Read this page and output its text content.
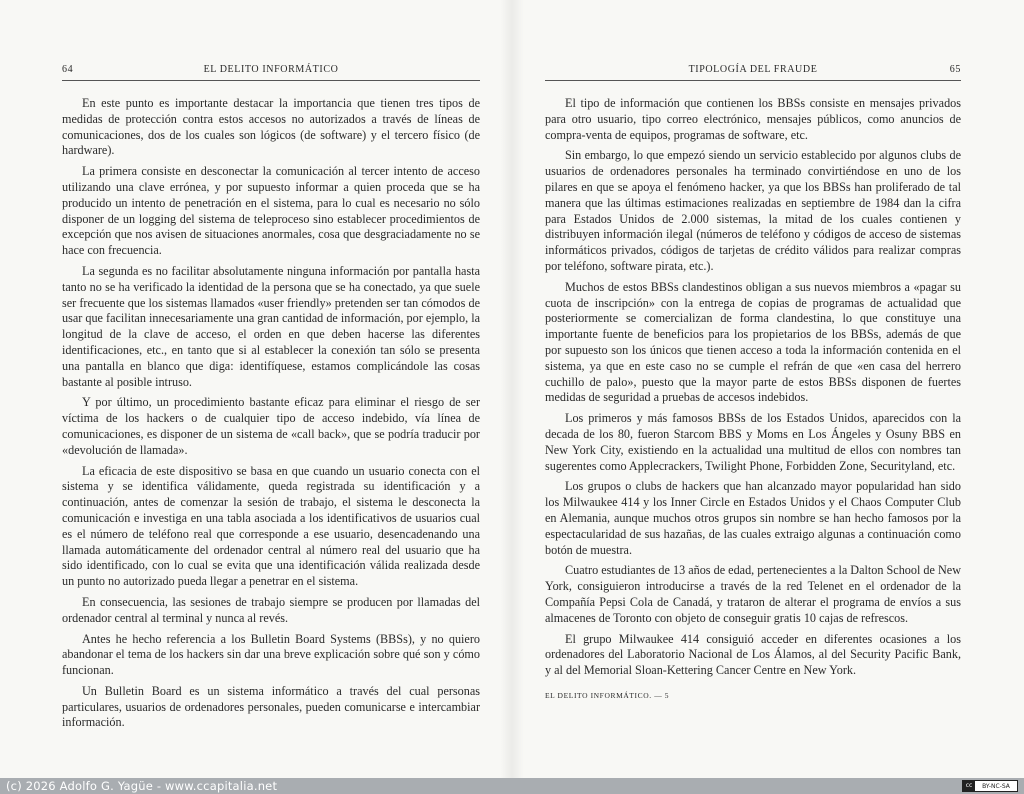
64	EL DELITO INFORMÁTICO

En este punto es importante destacar la importancia que tienen tres tipos de medidas de protección contra estos accesos no autorizados a través de líneas de comunicaciones, dos de los cuales son lógicos (de software) y el tercero físico (de hardware).

La primera consiste en desconectar la comunicación al tercer intento de acceso utilizando una clave errónea, y por supuesto informar a quien proceda que se ha producido un intento de penetración en el sistema, para lo cual es necesario no sólo disponer de un logging del sistema de teleproceso sino establecer procedimientos de excepción que nos avisen de situaciones anormales, cosa que desgraciadamente no se hace con frecuencia.

La segunda es no facilitar absolutamente ninguna información por pantalla hasta tanto no se ha verificado la identidad de la persona que se ha conectado, ya que suele ser frecuente que los sistemas llamados «user friendly» pretenden ser tan cómodos de usar que facilitan innecesariamente una gran cantidad de información, por ejemplo, la longitud de la clave de acceso, el orden en que deben hacerse las diferentes identificaciones, etc., en tanto que si al establecer la conexión tan sólo se presenta una pantalla en blanco que diga: identifíquese, estamos complicándole las cosas bastante al posible intruso.

Y por último, un procedimiento bastante eficaz para eliminar el riesgo de ser víctima de los hackers o de cualquier tipo de acceso indebido, vía línea de comunicaciones, es disponer de un sistema de «call back», que se podría traducir por «devolución de llamada».

La eficacia de este dispositivo se basa en que cuando un usuario conecta con el sistema y se identifica válidamente, queda registrada su identificación y a continuación, antes de comenzar la sesión de trabajo, el sistema le desconecta la comunicación e investiga en una tabla asociada a los identificativos de usuarios cual es el número de teléfono real que corresponde a ese usuario, desencadenando una llamada automáticamente del ordenador central al número real del usuario que ha sido identificado, con lo cual se evita que una identificación válida realizada desde un punto no autorizado pueda llegar a penetrar en el sistema.

En consecuencia, las sesiones de trabajo siempre se producen por llamadas del ordenador central al terminal y nunca al revés.

Antes he hecho referencia a los Bulletin Board Systems (BBSs), y no quiero abandonar el tema de los hackers sin dar una breve explicación sobre qué son y cómo funcionan.

Un Bulletin Board es un sistema informático a través del cual personas particulares, usuarios de ordenadores personales, pueden comunicarse e intercambiar información.

TIPOLOGÍA DEL FRAUDE	65

El tipo de información que contienen los BBSs consiste en mensajes privados para otro usuario, tipo correo electrónico, mensajes públicos, como anuncios de compra-venta de equipos, programas de software, etc.

Sin embargo, lo que empezó siendo un servicio establecido por algunos clubs de usuarios de ordenadores personales ha terminado convirtiéndose en uno de los pilares en que se apoya el fenómeno hacker, ya que los BBSs han proliferado de tal manera que las últimas estimaciones realizadas en septiembre de 1984 dan la cifra para Estados Unidos de 2.000 sistemas, la mitad de los cuales contienen y distribuyen información ilegal (números de teléfono y códigos de acceso de sistemas informáticos privados, códigos de tarjetas de crédito válidos para realizar compras por teléfono, software pirata, etc.).

Muchos de estos BBSs clandestinos obligan a sus nuevos miembros a «pagar su cuota de inscripción» con la entrega de copias de programas de actualidad que posteriormente se comercializan de forma clandestina, lo que constituye una importante fuente de beneficios para los propietarios de los BBSs, además de que por supuesto son los únicos que tienen acceso a toda la información contenida en el sistema, ya que en este caso no se cumple el refrán de que «en casa del herrero cuchillo de palo», puesto que la mayor parte de estos BBSs disponen de fuertes medidas de seguridad a pruebas de accesos indebidos.

Los primeros y más famosos BBSs de los Estados Unidos, aparecidos con la decada de los 80, fueron Starcom BBS y Moms en Los Ángeles y Osuny BBS en New York City, existiendo en la actualidad una multitud de ellos con nombres tan sugerentes como Applecrackers, Twilight Phone, Forbidden Zone, Securityland, etc.

Los grupos o clubs de hackers que han alcanzado mayor popularidad han sido los Milwaukee 414 y los Inner Circle en Estados Unidos y el Chaos Computer Club en Alemania, aunque muchos otros grupos sin nombre se han hecho famosos por la espectacularidad de sus hazañas, de las cuales extraigo algunas a continuación como botón de muestra.

Cuatro estudiantes de 13 años de edad, pertenecientes a la Dalton School de New York, consiguieron introducirse a través de la red Telenet en el ordenador de la Compañía Pepsi Cola de Canadá, y trataron de alterar el programa de envíos a sus almacenes de Toronto con objeto de conseguir gratis 10 cajas de refrescos.

El grupo Milwaukee 414 consiguió acceder en diferentes ocasiones a los ordenadores del Laboratorio Nacional de Los Álamos, al del Security Pacific Bank, y al del Memorial Sloan-Kettering Cancer Centre en New York.

EL DELITO INFORMÁTICO. — 5
(c) 2026 Adolfo G. Yagüe - www.ccapitalia.net	cc	BY-NC-SA
